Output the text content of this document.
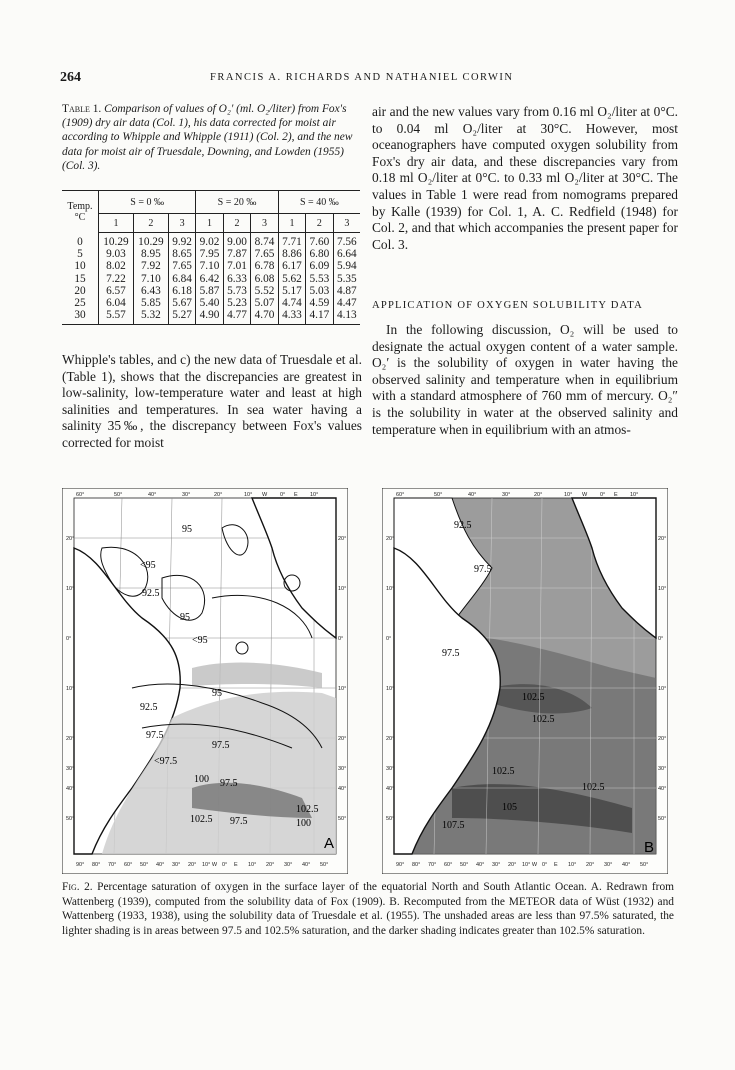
264	FRANCIS A. RICHARDS AND NATHANIEL CORWIN
Table 1. Comparison of values of O₂′ (ml. O₂/liter) from Fox's (1909) dry air data (Col. 1), his data corrected for moist air according to Whipple and Whipple (1911) (Col. 2), and the new data for moist air of Truesdale, Downing, and Lowden (1955) (Col. 3).
Temp. °C	S = 0 ‰			S = 20 ‰			S = 40 ‰		
	1	2	3	1	2	3	1	2	3
0	10.29	10.29	9.92	9.02	9.00	8.74	7.71	7.60	7.56
5	9.03	8.95	8.65	7.95	7.87	7.65	8.86	6.80	6.64
10	8.02	7.92	7.65	7.10	7.01	6.78	6.17	6.09	5.94
15	7.22	7.10	6.84	6.42	6.33	6.08	5.62	5.53	5.35
20	6.57	6.43	6.18	5.87	5.73	5.52	5.17	5.03	4.87
25	6.04	5.85	5.67	5.40	5.23	5.07	4.74	4.59	4.47
30	5.57	5.32	5.27	4.90	4.77	4.70	4.33	4.17	4.13
Whipple's tables, and c) the new data of Truesdale et al. (Table 1), shows that the discrepancies are greatest in low-salinity, low-temperature water and least at high salinities and temperatures. In sea water having a salinity 35‰, the discrepancy between Fox's values corrected for moist
air and the new values vary from 0.16 ml O₂/liter at 0°C. to 0.04 ml O₂/liter at 30°C. However, most oceanographers have computed oxygen solubility from Fox's dry air data, and these discrepancies vary from 0.18 ml O₂/liter at 0°C. to 0.33 ml O₂/liter at 30°C. The values in Table 1 were read from nomograms prepared by Kalle (1939) for Col. 1, A. C. Redfield (1948) for Col. 2, and that which accompanies the present paper for Col. 3.
APPLICATION OF OXYGEN SOLUBILITY DATA
In the following discussion, O₂ will be used to designate the actual oxygen content of a water sample. O₂′ is the solubility of oxygen in water having the observed salinity and temperature when in equilibrium with a standard atmosphere of 760 mm of mercury. O₂″ is the solubility in water at the observed salinity and temperature when in equilibrium with an atmos-
95
<95
92.5
95
<95
95
92.5
97.5
<97.5
97.5
100 97.5
102.5 97.5
102.5
100
60°	50°	40°	30°	20°	10° W 0° E 10°
20°
10°
0°
10°
20°
30°
40°
50°
20°
10°
0°
10°
20°
30°
40°
50°
90° 80° 70° 60° 50° 40° 30° 20° 10° W 0° E 10° 20° 30° 40° 50°
A
92.5
97.5
97.5
102.5
102.5
102.5
102.5
105
107.5
60°	50°	40°	30°	20°	10° W 0° E 10°
20°
10°
0°
10°
20°
30°
40°
50°
20°
10°
0°
10°
20°
30°
40°
50°
90° 80° 70° 60° 50° 40° 30° 20° 10° W 0° E 10° 20° 30° 40° 50°
B
Fig. 2. Percentage saturation of oxygen in the surface layer of the equatorial North and South Atlantic Ocean. A. Redrawn from Wattenberg (1939), computed from the solubility data of Fox (1909). B. Recomputed from the METEOR data of Wüst (1932) and Wattenberg (1933, 1938), using the solubility data of Truesdale et al. (1955). The unshaded areas are less than 97.5% saturated, the lighter shading is in areas between 97.5 and 102.5% saturation, and the darker shading indicates greater than 102.5% saturation.
